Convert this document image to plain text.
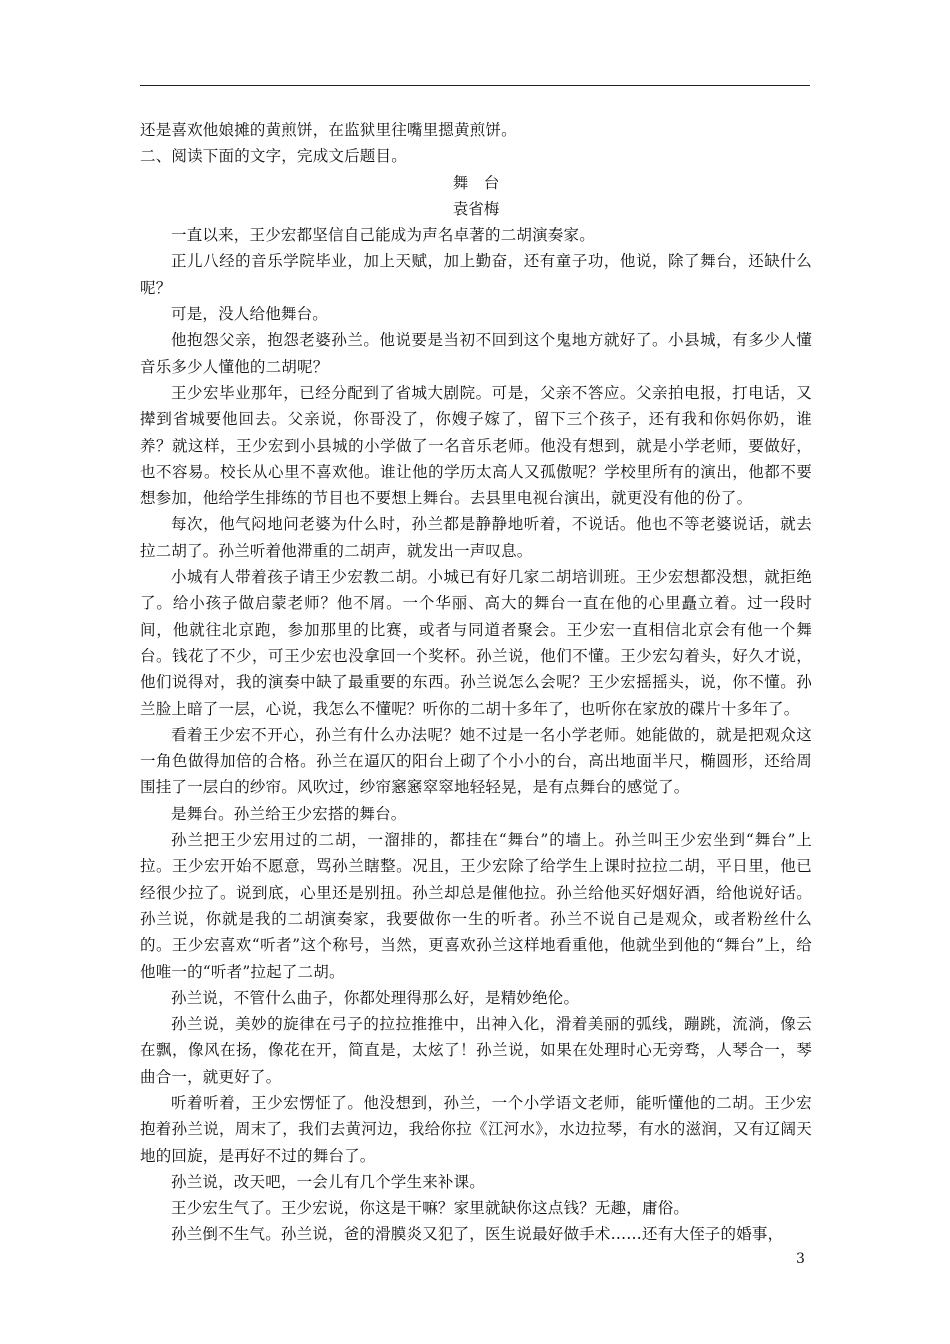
还是喜欢他娘摊的黄煎饼，在监狱里往嘴里摁黄煎饼。

二、阅读下面的文字，完成文后题目。

舞　台

袁省梅

一直以来，王少宏都坚信自己能成为声名卓著的二胡演奏家。

正儿八经的音乐学院毕业，加上天赋，加上勤奋，还有童子功，他说，除了舞台，还缺什么呢？

可是，没人给他舞台。

他抱怨父亲，抱怨老婆孙兰。他说要是当初不回到这个鬼地方就好了。小县城，有多少人懂音乐多少人懂他的二胡呢？

王少宏毕业那年，已经分配到了省城大剧院。可是，父亲不答应。父亲拍电报，打电话，又撵到省城要他回去。父亲说，你哥没了，你嫂子嫁了，留下三个孩子，还有我和你妈你奶，谁养？就这样，王少宏到小县城的小学做了一名音乐老师。他没有想到，就是小学老师，要做好，也不容易。校长从心里不喜欢他。谁让他的学历太高人又孤傲呢？学校里所有的演出，他都不要想参加，他给学生排练的节目也不要想上舞台。去县里电视台演出，就更没有他的份了。

每次，他气闷地问老婆为什么时，孙兰都是静静地听着，不说话。他也不等老婆说话，就去拉二胡了。孙兰听着他滞重的二胡声，就发出一声叹息。

小城有人带着孩子请王少宏教二胡。小城已有好几家二胡培训班。王少宏想都没想，就拒绝了。给小孩子做启蒙老师？他不屑。一个华丽、高大的舞台一直在他的心里矗立着。过一段时间，他就往北京跑，参加那里的比赛，或者与同道者聚会。王少宏一直相信北京会有他一个舞台。钱花了不少，可王少宏也没拿回一个奖杯。孙兰说，他们不懂。王少宏勾着头，好久才说，他们说得对，我的演奏中缺了最重要的东西。孙兰说怎么会呢？王少宏摇摇头，说，你不懂。孙兰脸上暗了一层，心说，我怎么不懂呢？听你的二胡十多年了，也听你在家放的碟片十多年了。

看着王少宏不开心，孙兰有什么办法呢？她不过是一名小学老师。她能做的，就是把观众这一角色做得加倍的合格。孙兰在逼仄的阳台上砌了个小小的台，高出地面半尺，椭圆形，还给周围挂了一层白的纱帘。风吹过，纱帘窸窸窣窣地轻轻晃，是有点舞台的感觉了。

是舞台。孙兰给王少宏搭的舞台。

孙兰把王少宏用过的二胡，一溜排的，都挂在“舞台”的墙上。孙兰叫王少宏坐到“舞台”上拉。王少宏开始不愿意，骂孙兰瞎整。况且，王少宏除了给学生上课时拉拉二胡，平日里，他已经很少拉了。说到底，心里还是别扭。孙兰却总是催他拉。孙兰给他买好烟好酒，给他说好话。孙兰说，你就是我的二胡演奏家，我要做你一生的听者。孙兰不说自己是观众，或者粉丝什么的。王少宏喜欢“听者”这个称号，当然，更喜欢孙兰这样地看重他，他就坐到他的“舞台”上，给他唯一的“听者”拉起了二胡。

孙兰说，不管什么曲子，你都处理得那么好，是精妙绝伦。

孙兰说，美妙的旋律在弓子的拉拉推推中，出神入化，滑着美丽的弧线，蹦跳，流淌，像云在飘，像风在扬，像花在开，简直是，太炫了！孙兰说，如果在处理时心无旁骛，人琴合一，琴曲合一，就更好了。

听着听着，王少宏愣怔了。他没想到，孙兰，一个小学语文老师，能听懂他的二胡。王少宏抱着孙兰说，周末了，我们去黄河边，我给你拉《江河水》，水边拉琴，有水的滋润，又有辽阔天地的回旋，是再好不过的舞台了。

孙兰说，改天吧，一会儿有几个学生来补课。

王少宏生气了。王少宏说，你这是干嘛？家里就缺你这点钱？无趣，庸俗。

孙兰倒不生气。孙兰说，爸的滑膜炎又犯了，医生说最好做手术……还有大侄子的婚事，

3
